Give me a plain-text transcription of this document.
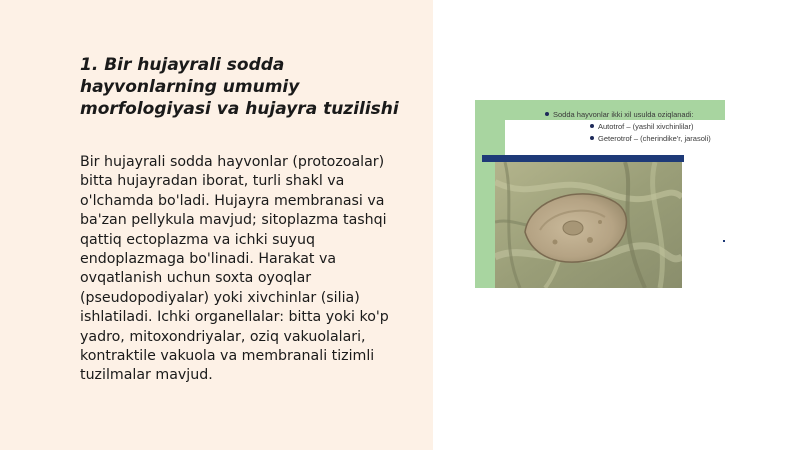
1. Bir hujayrali sodda hayvonlarning umumiy morfologiyasi va hujayra tuzilishi

Bir hujayrali sodda hayvonlar (protozoalar) bitta hujayradan iborat, turli shakl va o'lchamda bo'ladi. Hujayra membranasi va ba'zan pellykula mavjud; sitoplazma tashqi qattiq ectoplazma va ichki suyuq endoplazmaga bo'linadi. Harakat va ovqatlanish uchun soxta oyoqlar (pseudopodiyalar) yoki xivchinlar (silia) ishlatiladi. Ichki organellalar: bitta yoki ko'p yadro, mitoxondriyalar, oziq vakuolalari, kontraktile vakuola va membranali tizimli tuzilmalar mavjud.

Sodda hayvonlar ikki xil usulda oziqlanadi:
Autotrof – (yashil xivchinlilar)
Geterotrof – (cherindike'r, jarasoli)
